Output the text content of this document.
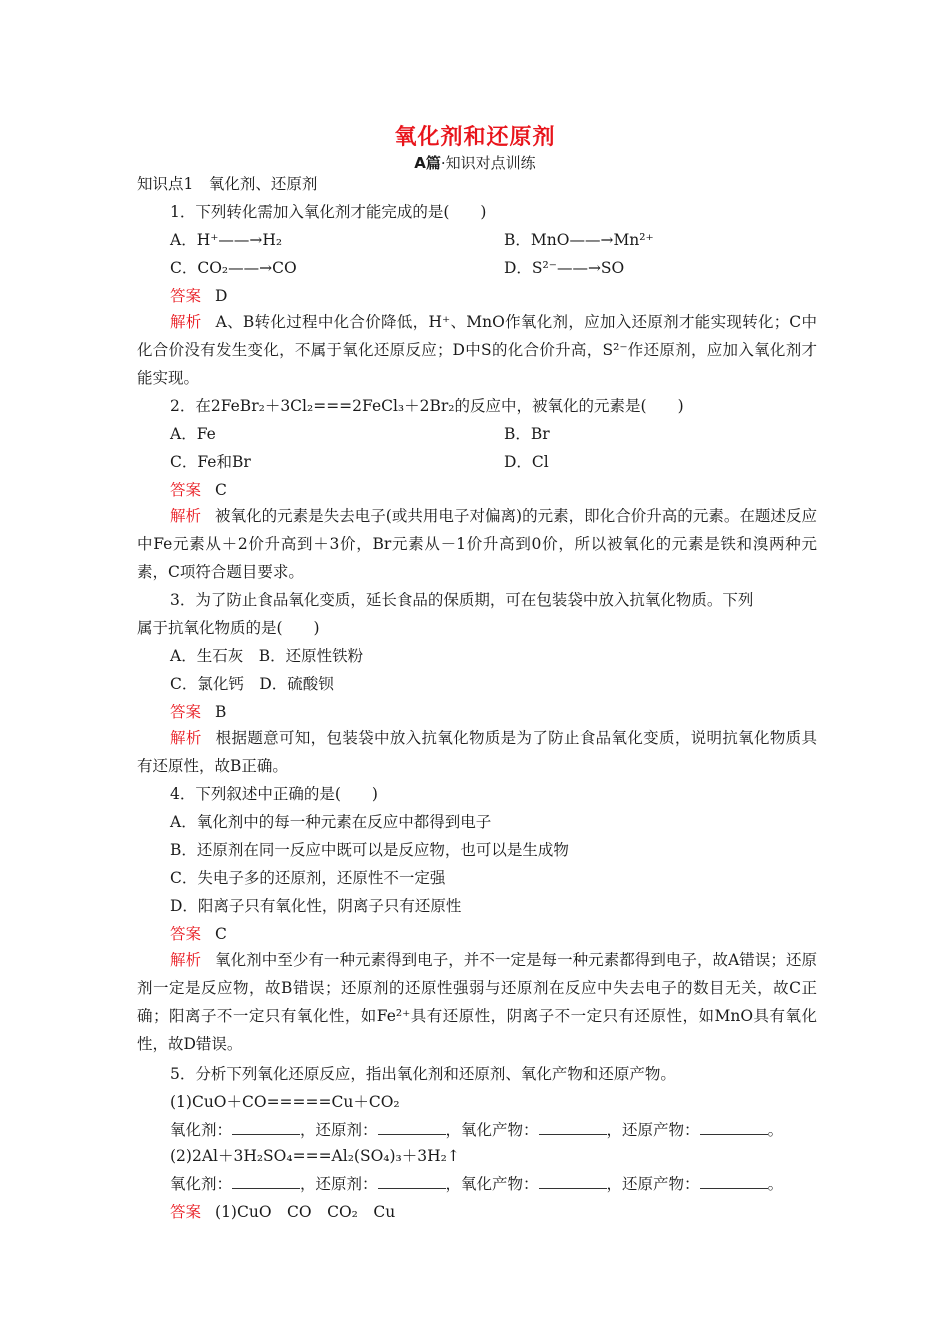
氧化剂和还原剂
A篇·知识对点训练
知识点1　氧化剂、还原剂
1．下列转化需加入氧化剂才能完成的是(　　)
A．H⁺——→H₂	B．MnO——→Mn²⁺
C．CO₂——→CO	D．S²⁻——→SO
答案 D
解析 A、B转化过程中化合价降低，H⁺、MnO作氧化剂，应加入还原剂才能实现转化；C中化合价没有发生变化，不属于氧化还原反应；D中S的化合价升高，S²⁻作还原剂，应加入氧化剂才能实现。
2．在2FeBr₂＋3Cl₂===2FeCl₃＋2Br₂的反应中，被氧化的元素是(　　)
A．Fe	B．Br
C．Fe和Br	D．Cl
答案 C
解析 被氧化的元素是失去电子(或共用电子对偏离)的元素，即化合价升高的元素。在题述反应中Fe元素从＋2价升高到＋3价，Br元素从－1价升高到0价，所以被氧化的元素是铁和溴两种元素，C项符合题目要求。
3．为了防止食品氧化变质，延长食品的保质期，可在包装袋中放入抗氧化物质。下列
属于抗氧化物质的是(　　)
A．生石灰　B．还原性铁粉
C．氯化钙　D．硫酸钡
答案 B
解析 根据题意可知，包装袋中放入抗氧化物质是为了防止食品氧化变质，说明抗氧化物质具有还原性，故B正确。
4．下列叙述中正确的是(　　)
A．氧化剂中的每一种元素在反应中都得到电子
B．还原剂在同一反应中既可以是反应物，也可以是生成物
C．失电子多的还原剂，还原性不一定强
D．阳离子只有氧化性，阴离子只有还原性
答案 C
解析 氧化剂中至少有一种元素得到电子，并不一定是每一种元素都得到电子，故A错误；还原剂一定是反应物，故B错误；还原剂的还原性强弱与还原剂在反应中失去电子的数目无关，故C正确；阳离子不一定只有氧化性，如Fe²⁺具有还原性，阴离子不一定只有还原性，如MnO具有氧化性，故D错误。
5．分析下列氧化还原反应，指出氧化剂和还原剂、氧化产物和还原产物。
(1)CuO＋CO=====Cu＋CO₂
氧化剂：	，还原剂：	，氧化产物：	，还原产物：	。
(2)2Al＋3H₂SO₄===Al₂(SO₄)₃＋3H₂↑
氧化剂：	，还原剂：	，氧化产物：	，还原产物：	。
答案 (1)CuO　CO　CO₂　Cu
